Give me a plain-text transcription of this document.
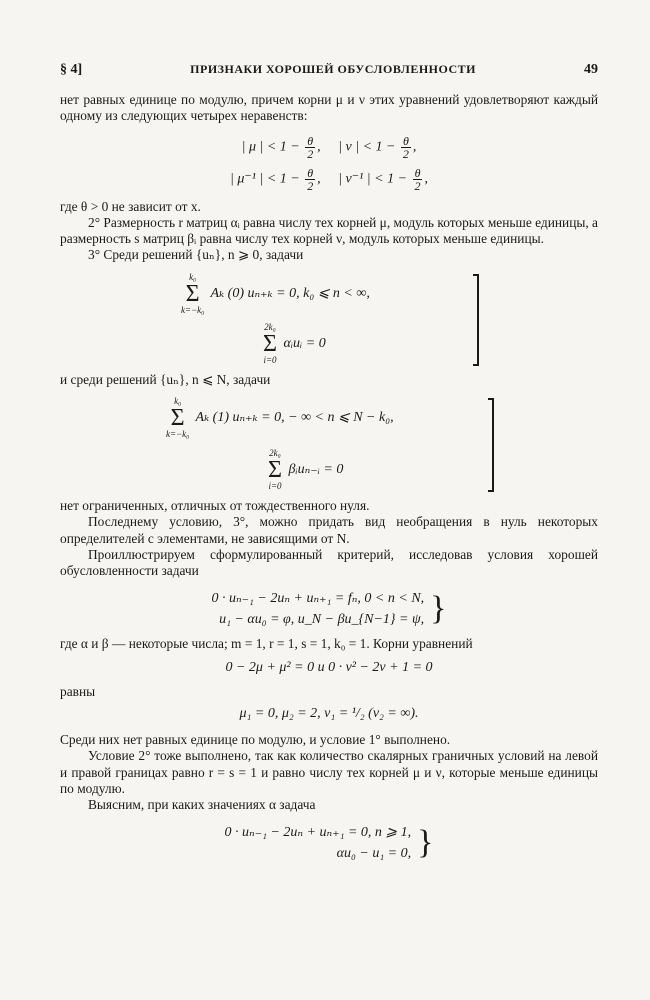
§ 4]	ПРИЗНАКИ ХОРОШЕЙ ОБУСЛОВЛЕННОСТИ	49

нет равных единице по модулю, причем корни μ и ν этих уравнений удовлетворяют каждый одному из следующих четырех неравенств:

| μ | < $1 - \frac{\theta}{2}$ , | ν | < $1 - \frac{\theta}{2}$ ,
| μ⁻¹ | < $1 - \frac{\theta}{2}$ , | ν⁻¹ | < $1 - \frac{\theta}{2}$ ,

где θ > 0 не зависит от x.

2° Размерность r матриц αᵢ равна числу тех корней μ, модуль которых меньше единицы, а размерность s матриц βᵢ равна числу тех корней ν, модуль которых меньше единицы.

3° Среди решений {uₙ}, n ⩾ 0, задачи

k₀
Σ
k=−k₀ Aₖ (0) uₙ₊ₖ = 0, k₀ ⩽ n < ∞,
2k₀
Σ
i=0 αᵢuᵢ = 0

и среди решений {uₙ}, n ⩽ N, задачи

k₀
Σ
k=−k₀ Aₖ (1) uₙ₊ₖ = 0, − ∞ < n ⩽ N − k₀,
2k₀
Σ
i=0 βᵢuₙ₋ᵢ = 0

нет ограниченных, отличных от тождественного нуля.

Последнему условию, 3°, можно придать вид необращения в нуль некоторых определителей с элементами, не зависящими от N.

Проиллюстрируем сформулированный критерий, исследовав условия хорошей обусловленности задачи

0 · uₙ₋₁ − 2uₙ + uₙ₊₁ = fₙ, 0 < n < N,
u₁ − αu₀ = φ, u_N − βu_{N−1} = ψ, }

где α и β — некоторые числа; m = 1, r = 1, s = 1, k₀ = 1. Корни уравнений

0 − 2μ + μ² = 0 и 0 · ν² − 2ν + 1 = 0

равны

μ₁ = 0, μ₂ = 2, ν₁ = ¹/₂ (ν₂ = ∞).

Среди них нет равных единице по модулю, и условие 1° выполнено.

Условие 2° тоже выполнено, так как количество скалярных граничных условий на левой и правой границах равно r = s = 1 и равно числу тех корней μ и ν, которые меньше единицы по модулю.

Выясним, при каких значениях α задача

0 · uₙ₋₁ − 2uₙ + uₙ₊₁ = 0, n ⩾ 1,
αu₀ − u₁ = 0, }
